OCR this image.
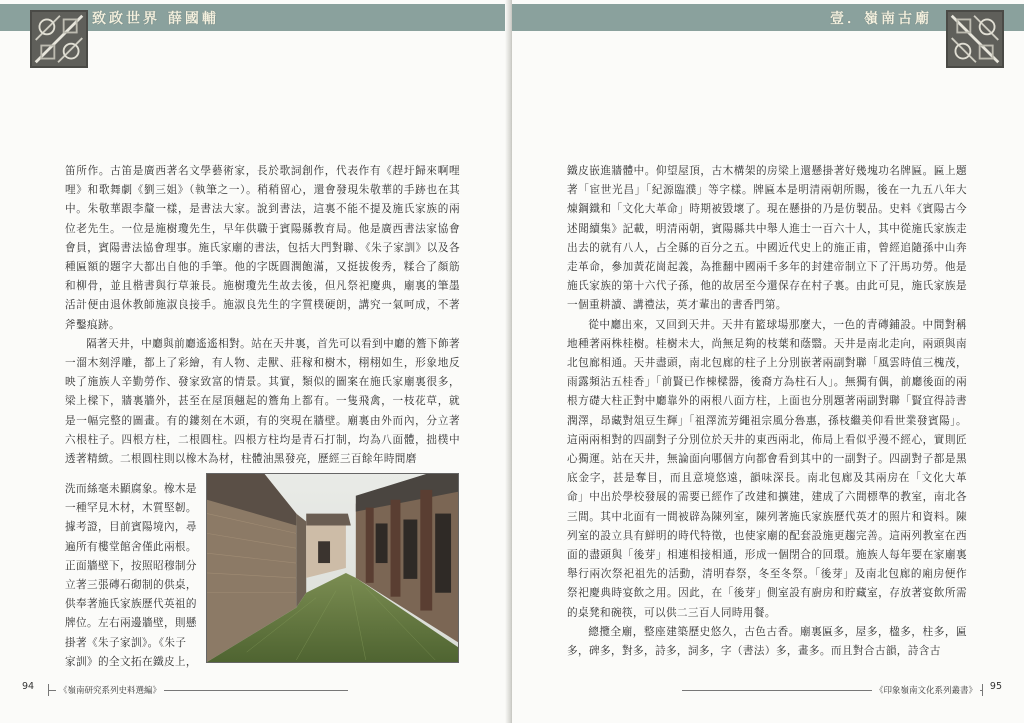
致政世界 薛國輔

笛所作。古笛是廣西著名文學藝術家，長於歌詞創作，代表作有《趕圩歸來啊哩哩》和歌舞劇《劉三姐》（執筆之一）。稍稍留心，還會發現朱敬華的手跡也在其中。朱敬華跟李釐一樣，是書法大家。說到書法，這裏不能不提及施氏家族的兩位老先生。一位是施樹瓊先生，早年供職于賓陽縣教育局。他是廣西書法家協會會員，賓陽書法協會理事。施氏家廟的書法，包括大門對聯、《朱子家訓》以及各種匾額的題字大都出自他的手筆。他的字既圓潤飽滿，又挺拔俊秀，糅合了顏筋和柳骨，並且楷書與行草兼長。施樹瓊先生故去後，但凡祭祀慶典，廟裏的筆墨活計便由退休教師施淑良接手。施淑良先生的字質樸硬朗，講究一氣呵成，不著斧鑿痕跡。

隔著天井，中廳與前廳遙遙相對。站在天井裏，首先可以看到中廳的簷下飾著一溜木刻浮雕，都上了彩繪，有人物、走獸、莊稼和樹木，栩栩如生，形象地反映了施族人辛勤勞作、發家致富的情景。其實，類似的圖案在施氏家廟裏很多，梁上樑下，牆裏牆外，甚至在屋頂翹起的簷角上都有。一隻飛禽，一枝花草，就是一幅完整的圖畫。有的鏤刻在木頭，有的突現在牆壁。廟裏由外而內，分立著六根柱子。四根方柱，二根圓柱。四根方柱均是青石打制，均為八面體，拙樸中透著精緻。二根圓柱則以橡木為材，柱體油黑發亮，歷經三百餘年時間磨

洗而絲毫未顯腐象。橡木是一種罕見木材，木質堅韌。據考證，目前賓陽境內，尋遍所有樓堂館舍僅此兩根。正面牆壁下，按照昭穆制分立著三張磚石砌制的供桌，供奉著施氏家族歷代英祖的牌位。左右兩邊牆壁，則懸掛著《朱子家訓》。《朱子家訓》的全文拓在鐵皮上，
《嶺南研究系列史料選編》
94
壹．嶺南古廟

鐵皮嵌進牆體中。仰望屋頂，古木構架的房梁上還懸掛著好幾塊功名牌匾。匾上題著「宦世光昌」「紀源臨濮」等字樣。牌匾本是明清兩朝所賜，後在一九五八年大煉鋼鐵和「文化大革命」時期被毀壞了。現在懸掛的乃是仿製品。史料《賓陽古今述聞續集》記載，明清兩朝，賓陽縣共中舉人進士一百六十人，其中從施氏家族走出去的就有八人，占全縣的百分之五。中國近代史上的施正甫，曾經追隨孫中山奔走革命，參加黃花崗起義，為推翻中國兩千多年的封建帝制立下了汗馬功勞。他是施氏家族的第十六代子孫，他的故居至今還保存在村子裏。由此可見，施氏家族是一個重耕讀、講禮法，英才輩出的書香門第。

從中廳出來，又回到天井。天井有籃球場那麼大，一色的青磚鋪設。中間對稱地種著兩株桂樹。桂樹未大，尚無足夠的枝葉和蔭翳。天井是南北走向，兩頭與南北包廊相通。天井盡頭，南北包廊的柱子上分別嵌著兩副對聯「風雲時值三槐茂，雨露頻沾五桂香」「前賢已作棟樑器，後裔方為柱石人」。無獨有偶，前廳後面的兩根方礎大柱正對中廳靠外的兩根八面方柱，上面也分別題著兩副對聯「賢宜得詩書潤澤，昂藏對俎豆生輝」「祖澤流芳繩祖宗風分魯惠，孫枝繼美仰看世業發賓陽」。這兩兩相對的四副對子分別位於天井的東西兩北，佈局上看似乎漫不經心，實則匠心獨運。站在天井，無論面向哪個方向都會看到其中的一副對子。四副對子都是黑底金字，甚是奪目，而且意境悠遠，韻味深長。南北包廊及其兩房在「文化大革命」中出於學校發展的需要已經作了改建和擴建，建成了六間標準的教室，南北各三間。其中北面有一間被辟為陳列室，陳列著施氏家族歷代英才的照片和資料。陳列室的設立具有鮮明的時代特徵，也使家廟的配套設施更趨完善。這兩列教室在西面的盡頭與「後芽」相連相接相通，形成一個閉合的回環。施族人每年要在家廟裏舉行兩次祭祀祖先的活動，清明春祭，冬至冬祭。「後芽」及南北包廊的廂房便作祭祀慶典時宴飲之用。因此，在「後芽」側室設有廚房和貯藏室，存放著宴飲所需的桌凳和碗筷，可以供二三百人同時用餐。

總攬全廟，整座建築歷史悠久，古色古香。廟裏匾多，屋多，楹多，柱多，匾多，碑多，對多，詩多，詞多，字（書法）多，畫多。而且對合古韻，詩含古

《印象嶺南文化系列叢書》	95
